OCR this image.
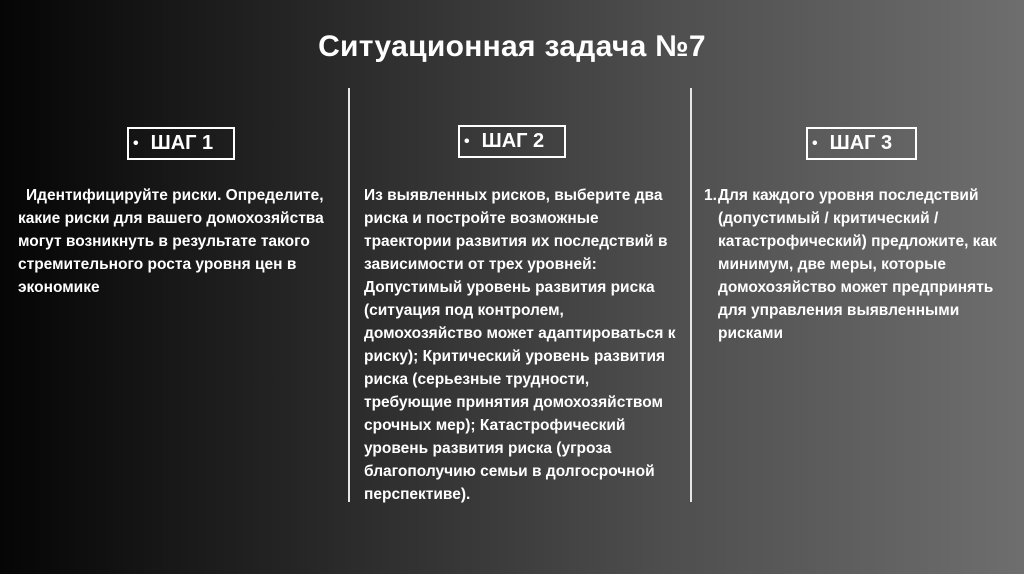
Ситуационная задача №7
• ШАГ 1
Идентифицируйте риски. Определите, какие риски для вашего домохозяйства могут возникнуть в результате такого стремительного роста уровня цен в экономике
• ШАГ 2
Из выявленных рисков, выберите два риска и постройте возможные траектории развития их последствий в зависимости от трех уровней: Допустимый уровень развития риска (ситуация под контролем, домохозяйство может адаптироваться к риску); Критический уровень развития риска (серьезные трудности, требующие принятия домохозяйством срочных мер); Катастрофический уровень развития риска (угроза благополучию семьи в долгосрочной перспективе).
• ШАГ 3
1. Для каждого уровня последствий (допустимый / критический / катастрофический) предложите, как минимум, две меры, которые домохозяйство может предпринять для управления выявленными рисками
